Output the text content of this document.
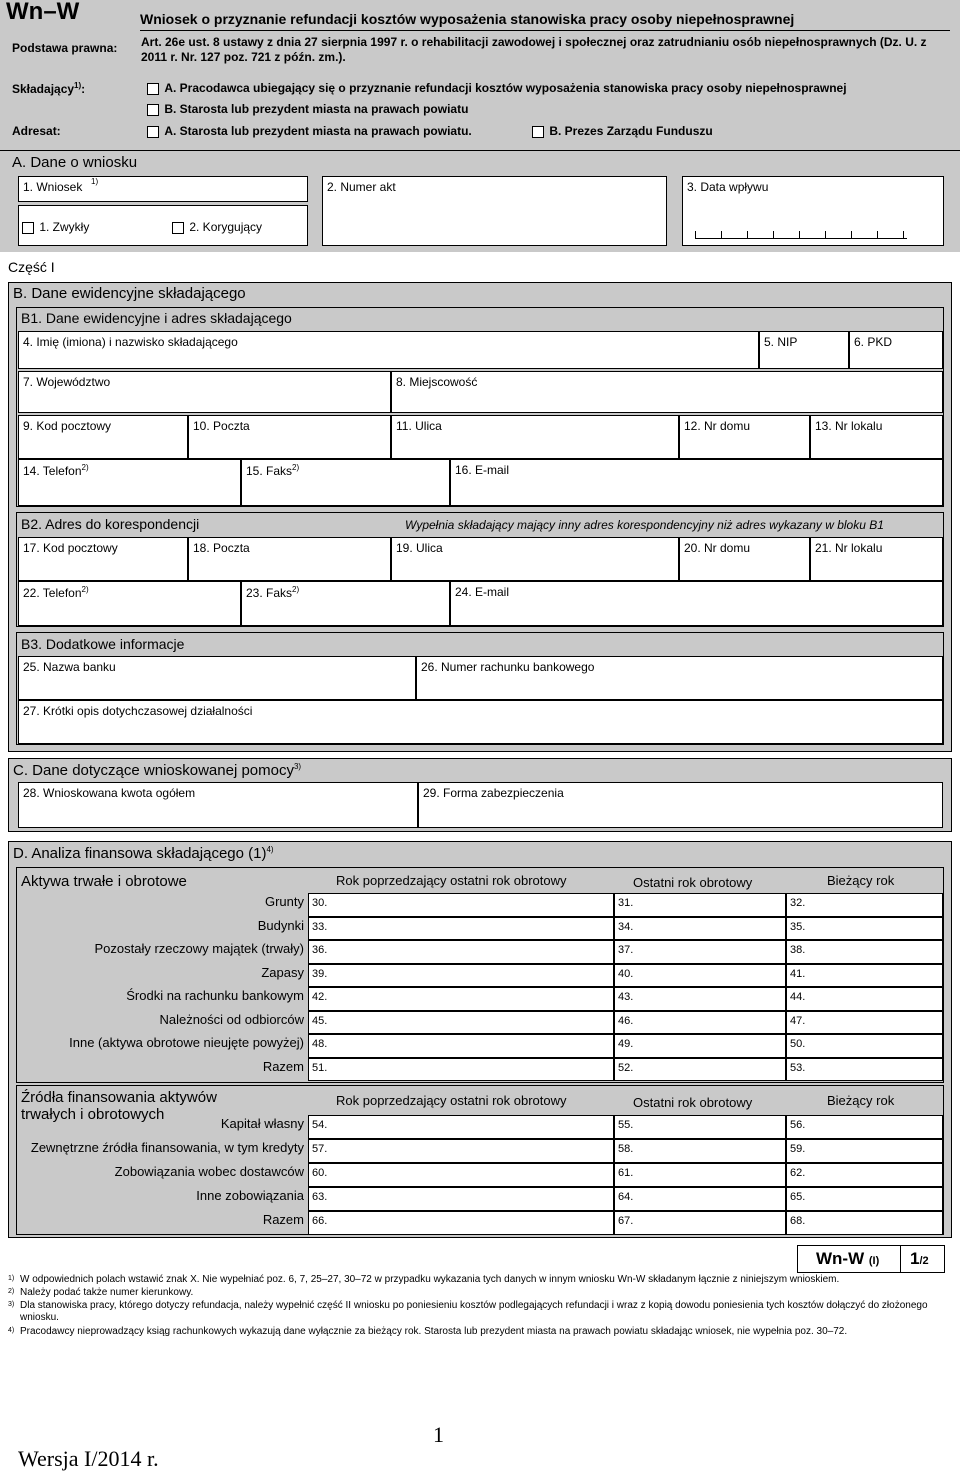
Wn–W	Wniosek o przyznanie refundacji kosztów wyposażenia stanowiska pracy osoby niepełnosprawnej
Podstawa prawna: Art. 26e ust. 8 ustawy z dnia 27 sierpnia 1997 r. o rehabilitacji zawodowej i społecznej oraz zatrudnianiu osób niepełnosprawnych (Dz. U. z 2011 r. Nr. 127 poz. 721 z późn. zm.).
Składający$^{1)}$:	A. Pracodawca ubiegający się o przyznanie refundacji kosztów wyposażenia stanowiska pracy osoby niepełnosprawnej
B. Starosta lub prezydent miasta na prawach powiatu
Adresat:	A. Starosta lub prezydent miasta na prawach powiatu.	B. Prezes Zarządu Funduszu
A. Dane o wniosku
1. Wniosek 1)	2. Numer akt	3. Data wpływu
1. Zwykły	2. Korygujący
Część I
B. Dane ewidencyjne składającego
B1. Dane ewidencyjne i adres składającego
4. Imię (imiona) i nazwisko składającego	5. NIP	6. PKD
7. Województwo	8. Miejscowość
9. Kod pocztowy	10. Poczta	11. Ulica	12. Nr domu	13. Nr lokalu
14. Telefon$^{2)}$	15. Faks$^{2)}$	16. E-mail
B2. Adres do korespondencji	Wypełnia składający mający inny adres korespondencyjny niż adres wykazany w bloku B1
17. Kod pocztowy	18. Poczta	19. Ulica	20. Nr domu	21. Nr lokalu
22. Telefon$^{2)}$	23. Faks$^{2)}$	24. E-mail
B3. Dodatkowe informacje
25. Nazwa banku	26. Numer rachunku bankowego
27. Krótki opis dotychczasowej działalności
C. Dane dotyczące wnioskowanej pomocy$^{3)}$
28. Wnioskowana kwota ogółem	29. Forma zabezpieczenia
D. Analiza finansowa składającego $(1)^{4)}$
Aktywa trwałe i obrotowe	Rok poprzedzający ostatni rok obrotowy	Ostatni rok obrotowy	Bieżący rok
Grunty 30.	31.	32.
Budynki 33.	34.	35.
Pozostały rzeczowy majątek (trwały) 36.	37.	38.
Zapasy 39.	40.	41.
Środki na rachunku bankowym 42.	43.	44.
Należności od odbiorców 45.	46.	47.
Inne (aktywa obrotowe nieujęte powyżej) 48.	49.	50.
Razem 51.	52.	53.
Źródła finansowania aktywów
trwałych i obrotowych
Rok poprzedzający ostatni rok obrotowy	Ostatni rok obrotowy	Bieżący rok
Kapitał własny 54.	55.	56.
Zewnętrzne źródła finansowania, w tym kredyty 57.	58.	59.
Zobowiązania wobec dostawców 60.	61.	62.
Inne zobowiązania 63.	64.	65.
Razem 66.	67.	68.
Wn-W (I) 1/2
1) W odpowiednich polach wstawić znak X. Nie wypełniać poz. 6, 7, 25–27, 30–72 w przypadku wykazania tych danych w innym wniosku Wn-W składanym łącznie z niniejszym wnioskiem.
2) Należy podać także numer kierunkowy.
3) Dla stanowiska pracy, którego dotyczy refundacja, należy wypełnić część II wniosku po poniesieniu kosztów podlegających refundacji i wraz z kopią dowodu poniesienia tych kosztów dołączyć do złożonego wniosku.
4) Pracodawcy nieprowadzący ksiąg rachunkowych wykazują dane wyłącznie za bieżący rok. Starosta lub prezydent miasta na prawach powiatu składając wniosek, nie wypełnia poz. 30–72.
1
Wersja I/2014 r.
